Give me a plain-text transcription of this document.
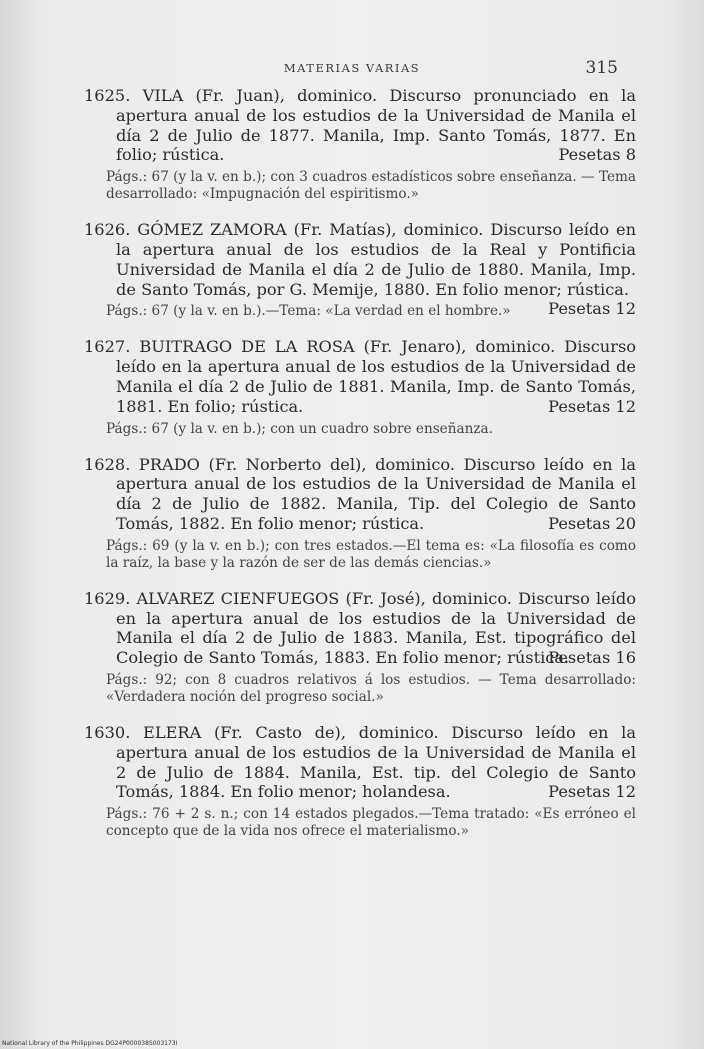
MATERIAS VARIAS	315

1625. VILA (Fr. Juan), dominico. Discurso pronunciado en la apertura anual de los estudios de la Universidad de Manila el día 2 de Julio de 1877. Manila, Imp. Santo Tomás, 1877. En folio; rústica.	Pesetas 8

Págs.: 67 (y la v. en b.); con 3 cuadros estadísticos sobre enseñanza. — Tema desarrollado: «Impugnación del espiritismo.»

1626. GÓMEZ ZAMORA (Fr. Matías), dominico. Discurso leído en la apertura anual de los estudios de la Real y Pontificia Universidad de Manila el día 2 de Julio de 1880. Manila, Imp. de Santo Tomás, por G. Memije, 1880. En folio menor; rústica.
Pesetas 12

Págs.: 67 (y la v. en b.).—Tema: «La verdad en el hombre.»

1627. BUITRAGO DE LA ROSA (Fr. Jenaro), dominico. Discurso leído en la apertura anual de los estudios de la Universidad de Manila el día 2 de Julio de 1881. Manila, Imp. de Santo Tomás, 1881. En folio; rústica.	Pesetas 12

Págs.: 67 (y la v. en b.); con un cuadro sobre enseñanza.

1628. PRADO (Fr. Norberto del), dominico. Discurso leído en la apertura anual de los estudios de la Universidad de Manila el día 2 de Julio de 1882. Manila, Tip. del Colegio de Santo Tomás, 1882. En folio menor; rústica.	Pesetas 20

Págs.: 69 (y la v. en b.); con tres estados.—El tema es: «La filosofía es como la raíz, la base y la razón de ser de las demás ciencias.»

1629. ALVAREZ CIENFUEGOS (Fr. José), dominico. Discurso leído en la apertura anual de los estudios de la Universidad de Manila el día 2 de Julio de 1883. Manila, Est. tipográfico del Colegio de Santo Tomás, 1883. En folio menor; rústica.
Pesetas 16

Págs.: 92; con 8 cuadros relativos á los estudios. — Tema desarrollado: «Verdadera noción del progreso social.»

1630. ELERA (Fr. Casto de), dominico. Discurso leído en la apertura anual de los estudios de la Universidad de Manila el 2 de Julio de 1884. Manila, Est. tip. del Colegio de Santo Tomás, 1884. En folio menor; holandesa.	Pesetas 12

Págs.: 76 + 2 s. n.; con 14 estados plegados.—Tema tratado: «Es erróneo el concepto que de la vida nos ofrece el materialismo.»

National Library of the Philippines DG24P000038S003173I
